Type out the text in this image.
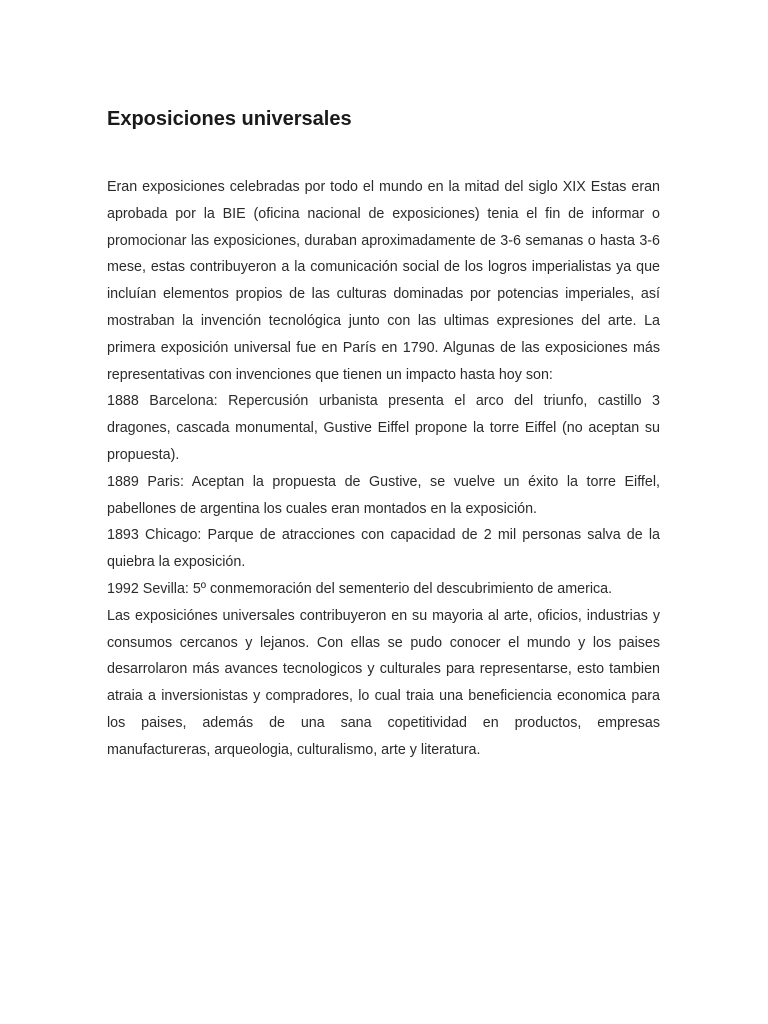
Exposiciones universales

Eran exposiciones celebradas por todo el mundo en la mitad del siglo XIX Estas eran aprobada por la BIE (oficina nacional de exposiciones) tenia el fin de informar o promocionar las exposiciones, duraban aproximadamente de 3-6 semanas o hasta 3-6 mese, estas contribuyeron a la comunicación social de los logros imperialistas ya que incluían elementos propios de las culturas dominadas por potencias imperiales, así mostraban la invención tecnológica junto con las ultimas expresiones del arte. La primera exposición universal fue en París en 1790. Algunas de las exposiciones más representativas con invenciones que tienen un impacto hasta hoy son:

1888 Barcelona: Repercusión urbanista presenta el arco del triunfo, castillo 3 dragones, cascada monumental, Gustive Eiffel propone la torre Eiffel (no aceptan su propuesta).

1889 Paris: Aceptan la propuesta de Gustive, se vuelve un éxito la torre Eiffel, pabellones de argentina los cuales eran montados en la exposición.

1893 Chicago: Parque de atracciones con capacidad de 2 mil personas salva de la quiebra la exposición.

1992 Sevilla: 5º conmemoración del sementerio del descubrimiento de america.

Las exposiciónes universales contribuyeron en su mayoria al arte, oficios, industrias y consumos cercanos y lejanos. Con ellas se pudo conocer el mundo y los paises desarrolaron más avances tecnologicos y culturales para representarse, esto tambien atraia a inversionistas y compradores, lo cual traia una beneficiencia economica para los paises, además de una sana copetitividad en productos, empresas manufactureras, arqueologia, culturalismo, arte y literatura.
